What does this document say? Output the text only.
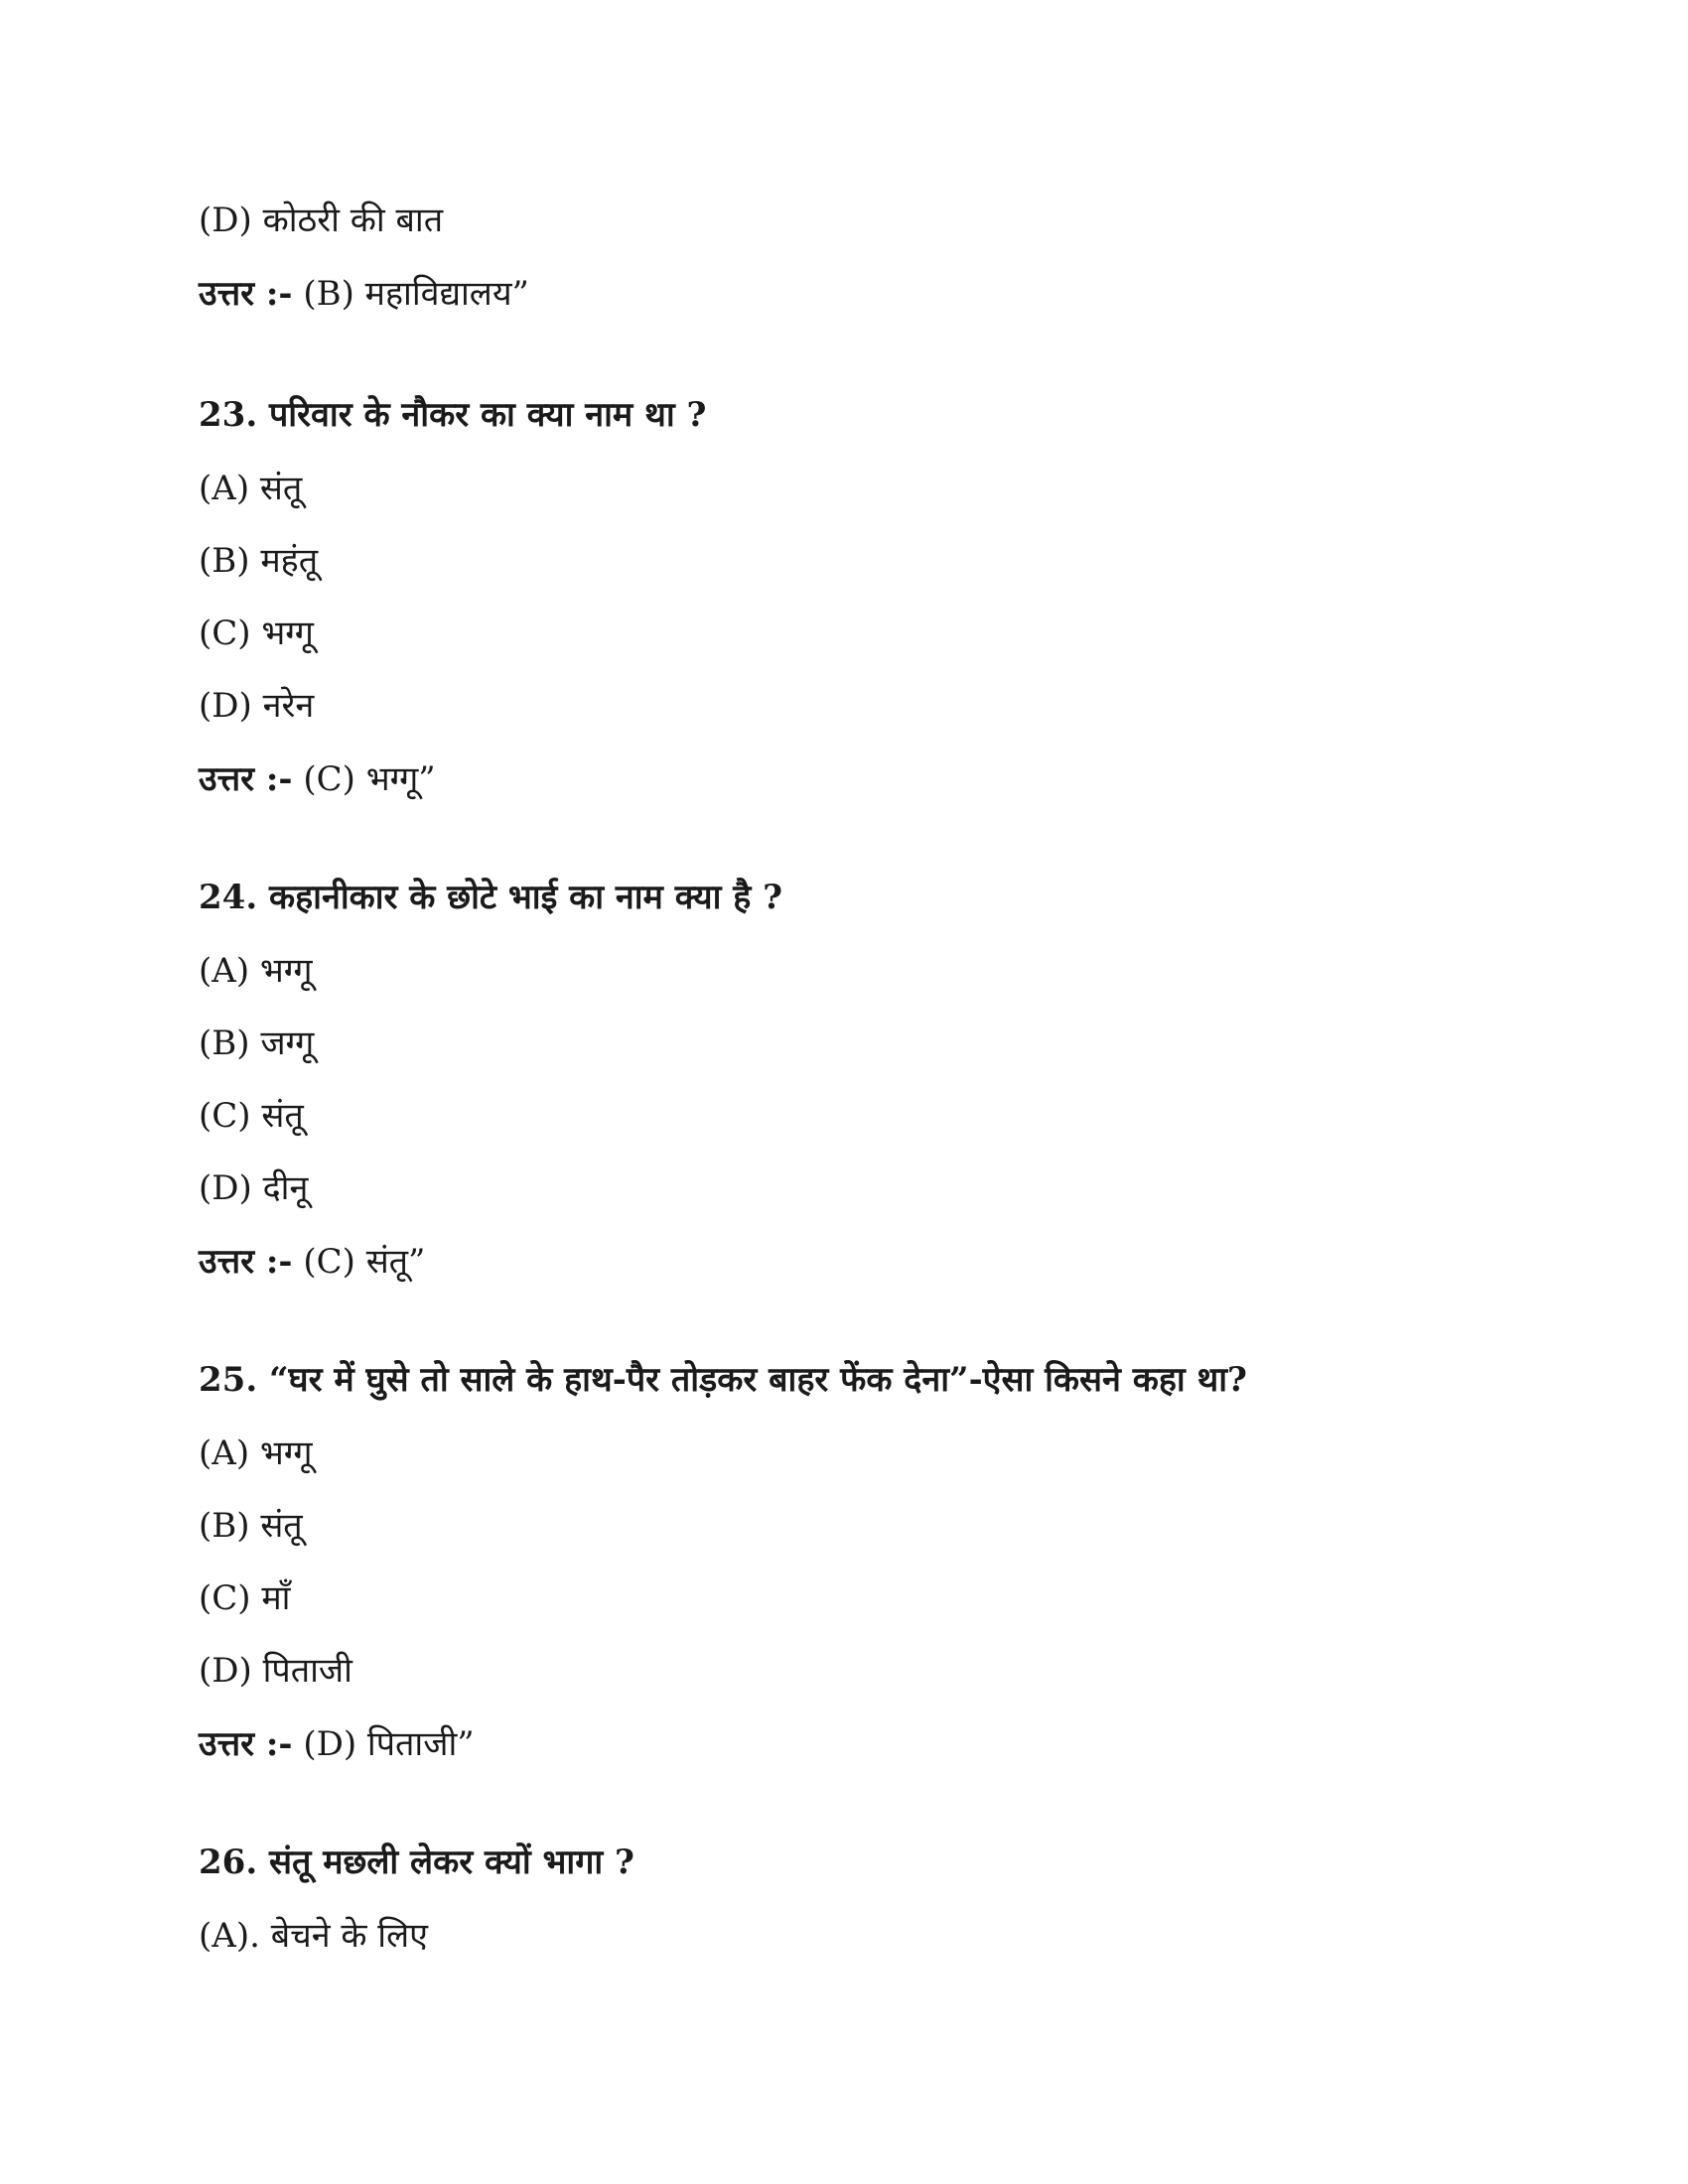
(D) कोठरी की बात
उत्तर :- (B) महाविद्यालय”
23. परिवार के नौकर का क्या नाम था ?
(A) संतू
(B) महंतू
(C) भग्गू
(D) नरेन
उत्तर :- (C) भग्गू”
24. कहानीकार के छोटे भाई का नाम क्या है ?
(A) भग्गू
(B) जग्गू
(C) संतू
(D) दीनू
उत्तर :- (C) संतू”
25. “घर में घुसे तो साले के हाथ-पैर तोड़कर बाहर फेंक देना”-ऐसा किसने कहा था?
(A) भग्गू
(B) संतू
(C) माँ
(D) पिताजी
उत्तर :- (D) पिताजी”
26. संतू मछली लेकर क्यों भागा ?
(A). बेचने के लिए
